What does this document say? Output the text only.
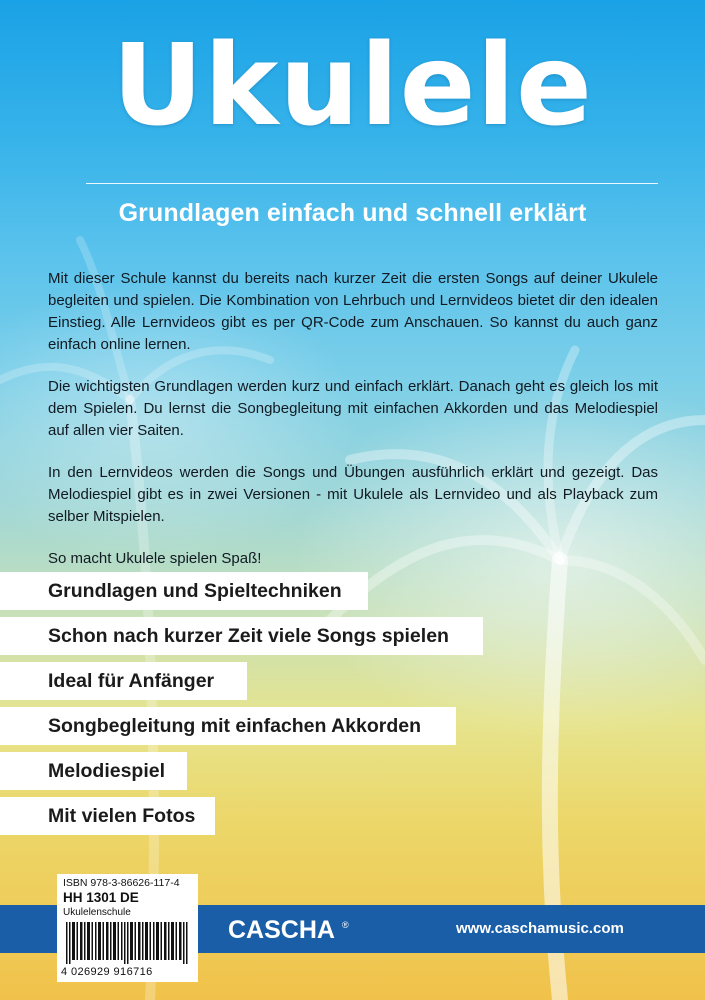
Ukulele
Grundlagen einfach und schnell erklärt

Mit dieser Schule kannst du bereits nach kurzer Zeit die ersten Songs auf deiner Ukulele begleiten und spielen. Die Kombination von Lehrbuch und Lernvideos bietet dir den idealen Einstieg. Alle Lernvideos gibt es per QR-Code zum Anschauen. So kannst du auch ganz einfach online lernen.

Die wichtigsten Grundlagen werden kurz und einfach erklärt. Danach geht es gleich los mit dem Spielen. Du lernst die Songbegleitung mit einfachen Akkorden und das Melodiespiel auf allen vier Saiten.

In den Lernvideos werden die Songs und Übungen ausführlich erklärt und gezeigt. Das Melodiespiel gibt es in zwei Versionen - mit Ukulele als Lernvideo und als Playback zum selber Mitspielen.

So macht Ukulele spielen Spaß!

Grundlagen und Spieltechniken
Schon nach kurzer Zeit viele Songs spielen
Ideal für Anfänger
Songbegleitung mit einfachen Akkorden
Melodiespiel
Mit vielen Fotos
CASCHA ®	www.caschamusic.com
ISBN 978-3-86626-117-4
HH 1301 DE
Ukulelenschule
4 026929 916716
